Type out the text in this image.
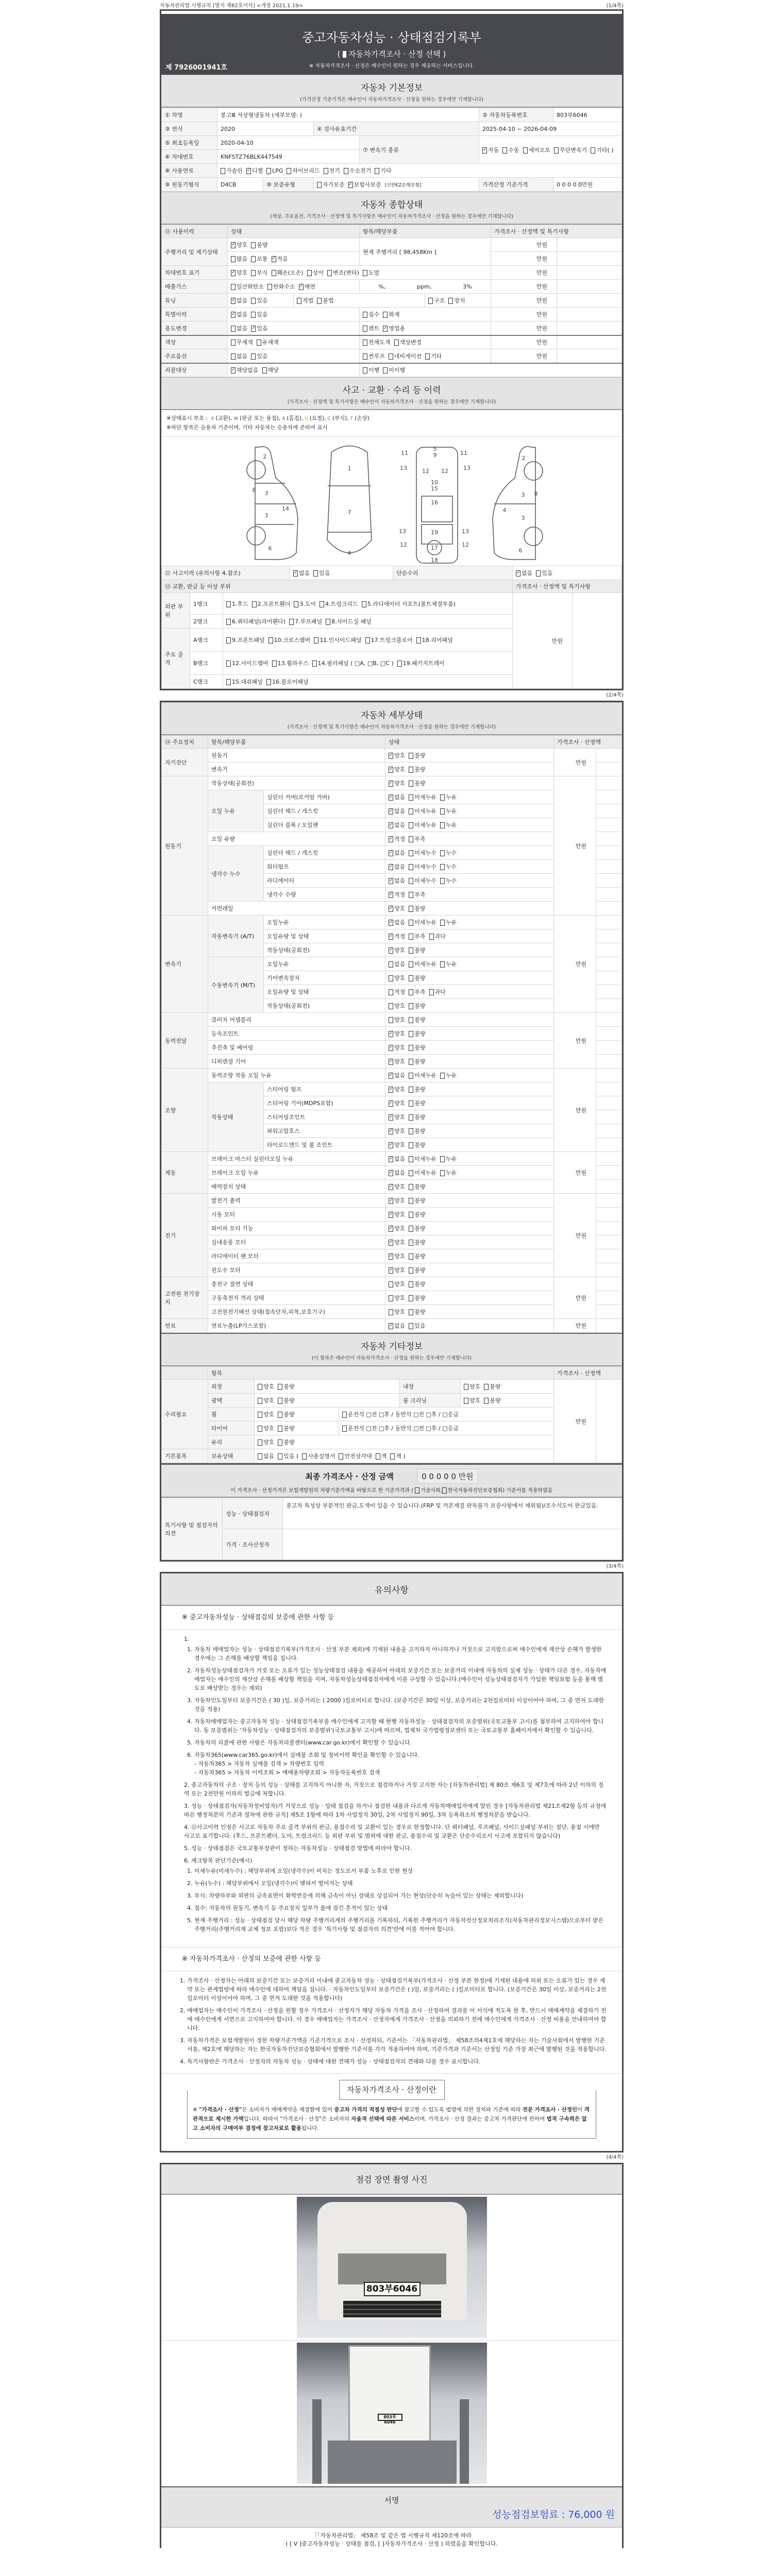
자동차관리법 시행규칙 [별지 제82호서식] <개정 2021.1.19>	(1/4쪽)
중고자동차성능 · 상태점검기록부
( 자동차가격조사 · 산정 선택 )
※ 자동차가격조사 · 산정은 매수인이 원하는 경우 제공하는 서비스입니다.
제 7926001941호
자동차 기본정보
(가격산정 기준가격은 매수인이 자동차가격조사 · 산정을 원하는 경우에만 기재합니다)
① 차명	봉고Ⅲ 저상형냉동차 (세부모델: )				② 자동차등록번호	803부6046
③ 연식	2020		④ 검사유효기간		2025-04-10 ~ 2026-04-09	
⑤ 최초등록일	2020-04-10			⑦ 변속기 종류	✓ 자동 수동 세미오토 무단변속기 기타( )	
⑥ 차대번호	KNFSTZ76BLK447549					
⑧ 사용연료	가솔린 ✓ 디젤 LPG 하이브리드 전기 수소전기 기타					
⑨ 원동기형식	D4CB	⑩ 보증유형	자가보증 ✓ 보험사보증 [신한EZ손해보험]		가격산정 기준가격	0 0 0 0 0만원
자동차 종합상태
(색상, 주요옵션, 가격조사 · 산정액 및 특기사항은 매수인이 자동차가격조사 · 산정을 원하는 경우에만 기재합니다)
⑪ 사용이력	상태		항목/해당부품		가격조사 · 산정액 및 특기사항	
주행거리 및 계기상태	✓ 양호 불량		현재 주행거리 [ 98,458Km ]		만원	
	많음 보통 ✓ 적음				만원	
차대번호 표기	✓ 양호 부식 훼손(오손) 상이 변조(변타) 도말				만원	
배출가스	일산화탄소 탄화수소 ✓ 매연		%, ppm, 3%		만원	
튜닝	✓ 없음 있음	적법 불법		구조 장치	만원	
특별이력	✓ 없음 있음		침수 화재		만원	
용도변경	없음 ✓ 있음		렌트 ✓ 영업용		만원	
색상	무채색 유채색		전체도색 색상변경		만원	
주요옵션	없음 있음		썬루프 네비게이션 기타		만원	
리콜대상	✓ 해당없음 해당		이행 미이행			
사고 · 교환 · 수리 등 이력
(가격조사 · 산정액 및 특기사항은 매수인이 자동차가격조사 · 산정을 원하는 경우에만 기재합니다)
※상태표시 부호 : X (교환), W (판금 또는 용접), A (흠집), U (요철), C (부식), T (손상)
※하단 항목은 승용차 기준이며, 기타 자동차는 승용차에 준하여 표시
2
8 3
14
3
6
1
7
4
5
11	11
9
13	12 12	13
10
15
16
13	19	13
12	17	12
18
2
3 8
4
3
6
⑫ 사고이력 (유의사항 4.참조)			✓ 없음 있음	단순수리	✓ 없음 있음	
⑬ 교환, 판금 등 이상 부위					가격조사 · 산정액 및 특기사항	
외판 부위	1랭크	1.후드 2.프론트휀더 3.도어 4.트렁크리드 5.라디에이터 서포트(볼트체결부품)			만원	
	2랭크	6.쿼터패널(리어휀다) 7.루프패널 8.사이드실 패널				
주요 골격	A랭크	9.프론트패널 10.크로스멤버 11.인사이드패널 17.트렁크플로어 18.리어패널				
	B랭크	12.사이드멤버 13.휠하우스 14.필러패널 ( □A, □B, □C ) 19.패키지트레이				
	C랭크	15.대쉬패널 16.플로어패널				
(2/4쪽)
자동차 세부상태
(가격조사 · 산정액 및 특기사항은 매수인이 자동차가격조사 · 산정을 원하는 경우에만 기재합니다)
⑭ 주요장치	항목/해당부품		상태	가격조사 · 산정액	
자기진단	원동기		✓ 양호 불량	만원	
	변속기		✓ 양호 불량		
원동기	작동상태(공회전)		✓ 양호 불량	만원	
	오일 누유	실린더 커버(로커암 커버)	✓ 없음 미세누유 누유		
		실린더 헤드 / 개스킷	✓ 없음 미세누유 누유		
		실린더 블록 / 오일팬	✓ 없음 미세누유 누유		
	오일 유량		✓ 적정 부족		
	냉각수 누수	실린더 헤드 / 개스킷	✓ 없음 미세누수 누수		
		워터펌프	✓ 없음 미세누수 누수		
		라디에이터	✓ 없음 미세누수 누수		
		냉각수 수량	✓ 적정 부족		
	커먼레일		✓ 양호 불량		
변속기	자동변속기 (A/T)	오일누유	✓ 없음 미세누유 누유	만원	
		오일유량 및 상태	✓ 적정 부족 과다		
		작동상태(공회전)	✓ 양호 불량		
	수동변속기 (M/T)	오일누유	없음 미세누유 누유		
		기어변속장치	양호 불량		
		오일유량 및 상태	적정 부족 과다		
		작동상태(공회전)	양호 불량		
동력전달	클러치 어셈블리		양호 불량	만원	
	등속조인트		✓ 양호 불량		
	추진축 및 베어링		✓ 양호 불량		
	디퍼렌셜 기어		✓ 양호 불량		
조향	동력조향 작동 오일 누유		✓ 없음 미세누유 누유	만원	
	작동상태	스티어링 펌프	✓ 양호 불량		
		스티어링 기어(MDPS포함)	✓ 양호 불량		
		스티어링조인트	✓ 양호 불량		
		파워고압호스	✓ 양호 불량		
		타이로드엔드 및 볼 조인트	✓ 양호 불량		
제동	브레이크 마스터 실린더오일 누유		✓ 없음 미세누유 누유	만원	
	브레이크 오일 누유		✓ 없음 미세누유 누유		
	배력장치 상태		✓ 양호 불량		
전기	발전기 출력		✓ 양호 불량	만원	
	시동 모터		✓ 양호 불량		
	와이퍼 모터 기능		✓ 양호 불량		
	실내송풍 모터		✓ 양호 불량		
	라디에이터 팬 모터		✓ 양호 불량		
	윈도우 모터		✓ 양호 불량		
고전원 전기장치	충전구 절연 상태		양호 불량	만원	
	구동축전지 격리 상태		양호 불량		
	고전원전기배선 상태(접속단자,피복,보호기구)		양호 불량		
연료	연료누출(LP가스포함)		✓ 없음 있음	만원	
자동차 기타정보
(이 항목은 매수인이 자동차가격조사 · 산정을 원하는 경우에만 기재합니다)
	항목					가격조사 · 산정액	
수리필요	외장	양호 불량		내장	양호 불량	만원	
	광택	양호 불량		룸 크리닝	양호 불량		
	휠	양호 불량	운전석 □전 □후 / 동반석 □전 □후 / □응급				
	타이어	양호 불량	운전석 □전 □후 / 동반석 □전 □후 / □응급				
	유리	양호 불량					
기본품목	보유상태	없음 있음 ( 사용설명서 안전삼각대 잭 잭 )					
최종 가격조사 · 산정 금액	0 0 0 0 0 만원
이 가격조사 · 산정가격은 보험개발원의 차량기준가액을 바탕으로 한 기준가격과 ( 기술사회, 한국자동차진단보증협회) 기준서를 적용하였음
특기사항 및 점검자의 의견	성능 · 상태점검자	중고차 특성상 부분적인 판금,도색이 있을 수 있습니다.(FRP 및 카본재질 판독불가 보증사항에서 제외됨)/조수석도어 판금있음.
	가격 · 조사산정자	
(3/4쪽)
유의사항
※ 중고자동차성능 · 상태점검의 보증에 관한 사항 등
1.
1. 자동차 매매업자는 성능 · 상태점검기록부(가격조사 · 산정 부분 제외)에 기재된 내용을 고지하지 아니하거나 거짓으로 고지함으로써 매수인에게 재산상 손해가 발생한 경우에는 그 손해를 배상할 책임을 집니다.
2. 자동차성능상태점검자가 거짓 또는 오류가 있는 성능상태점검 내용을 제공하여 아래의 보증기간 또는 보증거리 이내에 자동차의 실제 성능 · 상태가 다른 경우, 자동차매매업자는 매수인의 재산상 손해를 배상할 책임을 지며, 자동차성능상태점검자에게 이를 구상할 수 있습니다.(매수인이 성능상태점검자가 가입한 책임보험 등을 통해 별도로 배상받는 경우는 제외)
3. 자동차인도일부터 보증기간은 ( 30 )일, 보증거리는 ( 2000 )킬로미터로 합니다. (보증기간은 30일 이상, 보증거리는 2천킬로미터 이상이어야 하며, 그 중 먼저 도래한 것을 적용)
4. 자동차매매업자는 중고자동차 성능 · 상태점검기록부를 매수인에게 고지할 때 현행 자동차성능 · 상태점검자의 보증범위(국토교통부 고시)를 첨부하여 고지하여야 합니다. 동 보증범위는 '자동차성능 · 상태점검자의 보증범위'(국토교통부 고시)에 따르며, 법제처 국가법령정보센터 또는 국토교통부 홈페이지에서 확인할 수 있습니다.
5. 자동차의 리콜에 관한 사항은 자동차리콜센터(www.car.go.kr)에서 확인할 수 있습니다.
6. 자동차365(www.car365.go.kr)에서 실매물 조회 및 정비이력 확인을 확인할 수 있습니다.
- 자동차365 > 자동차 실매물 검색 > 차량번호 입력
- 자동차365 > 자동차 이력조회 > 매매용차량조회 > 자동차등록번호 검색
2. 중고자동차의 구조 · 장치 등의 성능 · 상태를 고지하지 아니한 자, 거짓으로 점검하거나 거짓 고지한 자는 [자동차관리법] 제 80조 제6호 및 제7호에 따라 2년 이하의 징역 또는 2천만원 이하의 벌금에 처합니다.
3. 성능 · 상태점검자(자동차정비업자)가 거짓으로 성능 · 상태 점검을 하거나 점검한 내용과 다르게 자동차매매업자에게 알린 경우 [자동차관리법 제21조제2항 등의 규정에 따른 행정처분의 기준과 절차에 관한 규칙] 제5조 1항에 따라 1차 사업정지 30일, 2차 사업정지 90일, 3차 등록취소의 행정처분을 받습니다.
4. ⑫사고이력 인정은 사고로 자동차 주요 골격 부위의 판금, 용접수리 및 교환이 있는 경우로 한정합니다. 단 쿼터패널, 루프패널, 사이드실패널 부위는 절단, 용접 시에만 사고로 표기합니다. (후드, 프론트펜더, 도어, 트렁크리드 등 외판 부위 및 범퍼에 대한 판금, 용접수리 및 교환은 단순수리로서 사고에 포함되지 않습니다)
5. 성능 · 상태점검은 국토교통부장관이 정하는 자동차성능 · 상태점검 방법에 따라야 합니다.
6. 체크항목 판단기준(예시)
1. 미세누유(미세누수) : 해당부위에 오일(냉각수)이 비치는 정도로서 부품 노후로 인한 현상
2. 누유(누수) : 해당부위에서 오일(냉각수)이 맺혀서 떨어지는 상태
3. 부식: 차량하부와 외판의 금속표면이 화학반응에 의해 금속이 아닌 상태로 상실되어 가는 현상(단순히 녹슬어 있는 상태는 제외합니다)
4. 침수: 자동차의 원동기, 변속기 등 주요장치 일부가 물에 잠긴 흔적이 있는 상태
5. 현재 주행거리 : 성능 · 상태점검 당시 해당 차량 주행거리계의 주행거리를 기록하되, 기록한 주행거리가 자동차전산정보처리조직(자동차관리정보시스템)으로부터 받은 주행거리(주행거리계 교체 정보 포함)보다 적은 경우 '특기사항 및 점검자의 의견'란에 이를 적어야 합니다.
※ 자동차가격조사 · 산정의 보증에 관한 사항 등
1. 가격조사 · 산정자는 아래의 보증기간 또는 보증거리 이내에 중고자동차 성능 · 상태점검기록부(가격조사 · 산정 부분 한정)에 기재된 내용에 허위 또는 오류가 있는 경우 계약 또는 관계법령에 따라 매수인에 대하여 책임을 집니다. · 자동차인도일부터 보증기간은 ( )일, 보증거리는 ( )킬로미터로 합니다. (보증기간은 30일 이상, 보증거리는 2천킬로미터 이상이어야 하며, 그 중 먼저 도래한 것을 적용합니다)
2. 매매업자는 매수인이 가격조사 · 산정을 원할 경우 가격조사 · 산정자가 해당 자동차 가격을 조사 · 산정하여 결과를 이 서식에 적도록 한 후, 반드시 매매계약을 체결하기 전에 매수인에게 서면으로 고지하여야 합니다. 이 경우 매매업자는 가격조사 · 산정자에게 가격조사 · 산정을 의뢰하기 전에 매수인에게 가격조사 · 산정 비용을 안내하여야 합니다.
3. 자동차가격은 보험개발원이 정한 차량기준가액을 기준가격으로 조사 · 산정하되, 기준서는 「자동차관리법」 제58조의4제1호에 해당하는 자는 기술사회에서 발행한 기준서를, 제2호에 해당하는 자는 한국자동차진단보증협회에서 발행한 기준서를 각각 적용하여야 하며, 기준가격과 기준서는 산정일 기준 가장 최근에 발행된 것을 적용합니다.
4. 특기사항란은 가격조사 · 산정자의 자동차 성능 · 상태에 대한 견해가 성능 · 상태점검자의 견해와 다를 경우 표시합니다.
자동차가격조사 · 산정이란
※ "가격조사 · 산정"은 소비자가 매매계약을 체결함에 있어 중고차 가격의 적절성 판단에 참고할 수 있도록 법령에 의한 절차와 기준에 따라 전문 가격조사 · 산정인이 객관적으로 제시한 가액입니다. 따라서 "가격조사 · 산정"은 소비자의 자율적 선택에 따른 서비스이며, 가격조사 · 산정 결과는 중고차 가격판단에 관하여 법적 구속력은 없고 소비자의 구매여부 결정에 참고자료로 활용됩니다.
(4/4쪽)
점검 장면 촬영 사진
803부6046
803부6046
서명
성능점검보험료 : 76,000 원
「「자동차관리법」 제58조 및 같은 법 시행규칙 제120조에 따라
( [ V ]중고자동차성능 · 상태를 점검, [ ]자동차가격조사 · 산정 ) 하였음을 확인합니다.
